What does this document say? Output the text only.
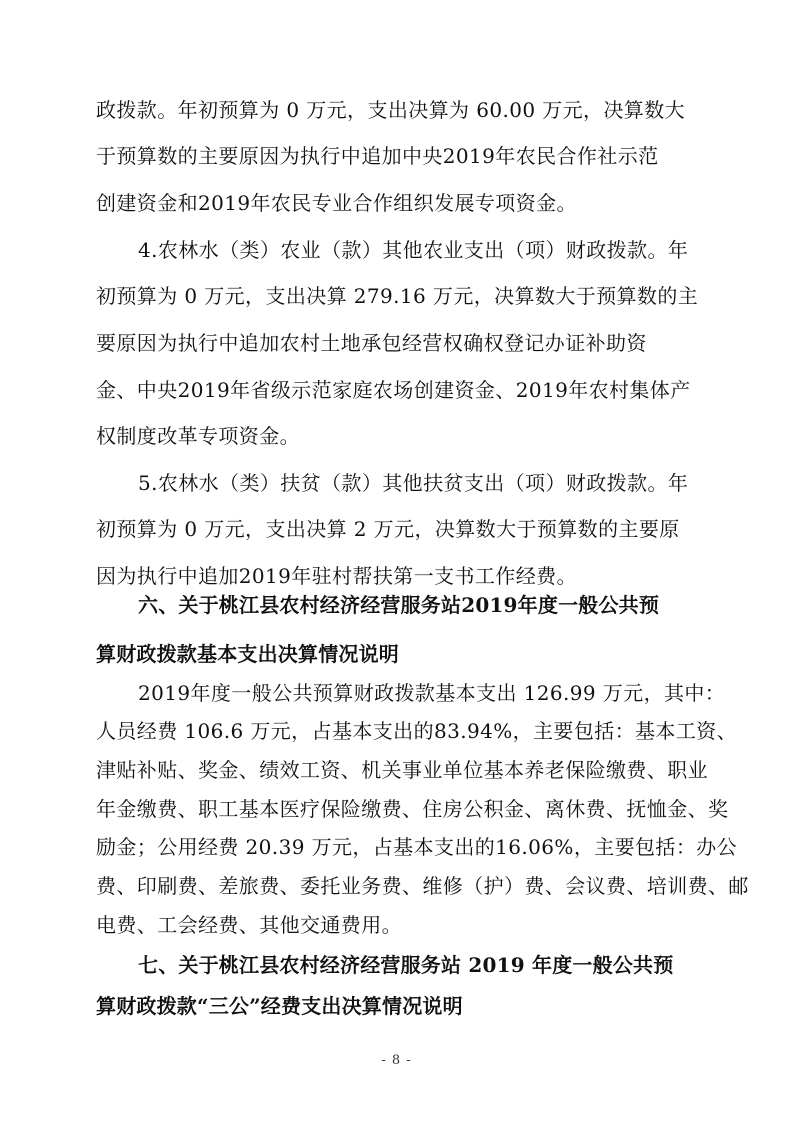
政拨款。年初预算为 0 万元，支出决算为 60.00 万元，决算数大
于预算数的主要原因为执行中追加中央2019年农民合作社示范
创建资金和2019年农民专业合作组织发展专项资金。
4.农林水（类）农业（款）其他农业支出（项）财政拨款。年
初预算为 0 万元，支出决算 279.16 万元，决算数大于预算数的主
要原因为执行中追加农村土地承包经营权确权登记办证补助资
金、中央2019年省级示范家庭农场创建资金、2019年农村集体产
权制度改革专项资金。
5.农林水（类）扶贫（款）其他扶贫支出（项）财政拨款。年
初预算为 0 万元，支出决算 2 万元，决算数大于预算数的主要原
因为执行中追加2019年驻村帮扶第一支书工作经费。
六、关于桃江县农村经济经营服务站2019年度一般公共预
算财政拨款基本支出决算情况说明
2019年度一般公共预算财政拨款基本支出 126.99 万元，其中：
人员经费 106.6 万元，占基本支出的83.94%，主要包括：基本工资、
津贴补贴、奖金、绩效工资、机关事业单位基本养老保险缴费、职业
年金缴费、职工基本医疗保险缴费、住房公积金、离休费、抚恤金、奖
励金；公用经费 20.39 万元，占基本支出的16.06%，主要包括：办公
费、印刷费、差旅费、委托业务费、维修（护）费、会议费、培训费、邮
电费、工会经费、其他交通费用。
七、关于桃江县农村经济经营服务站 2019 年度一般公共预
算财政拨款“三公”经费支出决算情况说明
- 8 -
